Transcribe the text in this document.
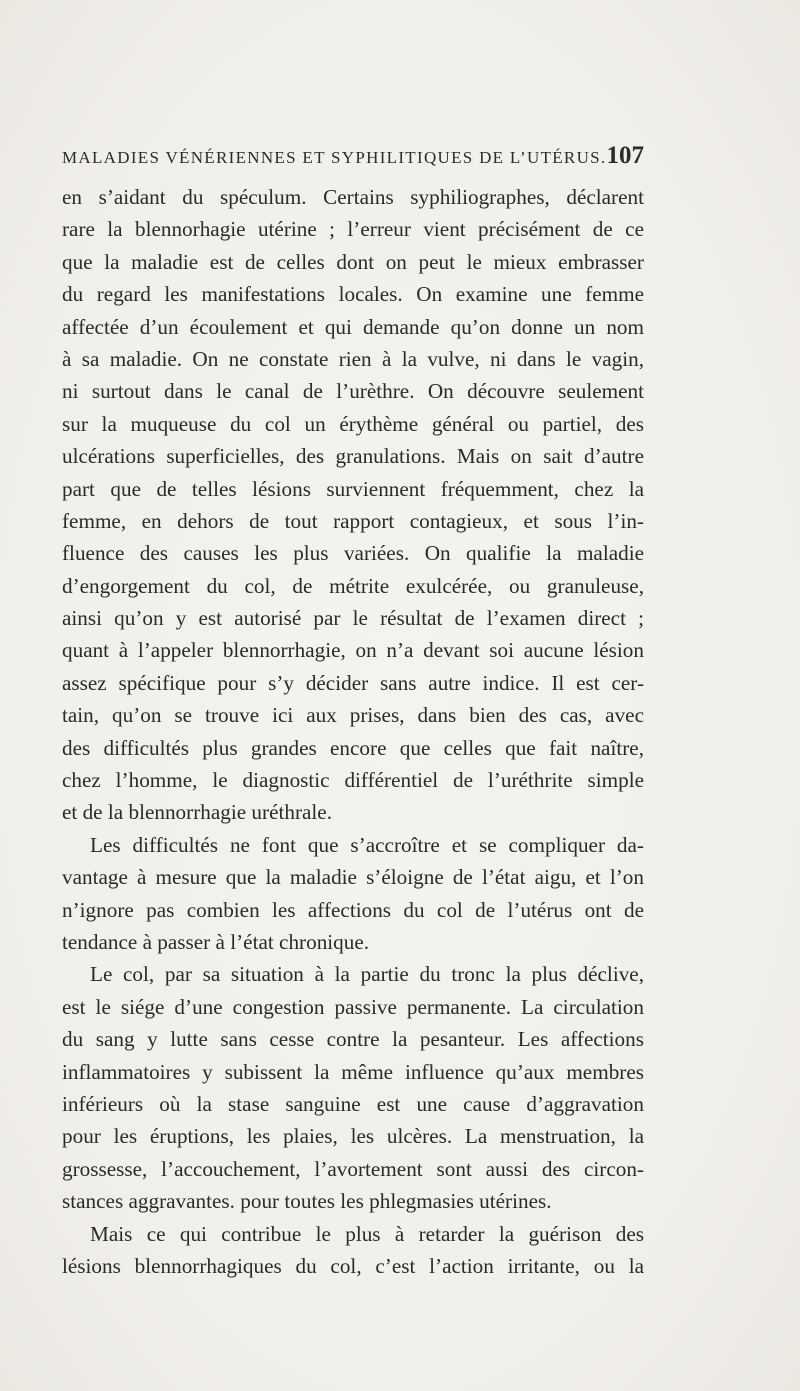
MALADIES VÉNÉRIENNES ET SYPHILITIQUES DE L’UTÉRUS. 107
en s’aidant du spéculum. Certains syphiliographes, déclarent
rare la blennorhagie utérine ; l’erreur vient précisément de ce
que la maladie est de celles dont on peut le mieux embrasser
du regard les manifestations locales. On examine une femme
affectée d’un écoulement et qui demande qu’on donne un nom
à sa maladie. On ne constate rien à la vulve, ni dans le vagin,
ni surtout dans le canal de l’urèthre. On découvre seulement
sur la muqueuse du col un érythème général ou partiel, des
ulcérations superficielles, des granulations. Mais on sait d’autre
part que de telles lésions surviennent fréquemment, chez la
femme, en dehors de tout rapport contagieux, et sous l’in-
fluence des causes les plus variées. On qualifie la maladie
d’engorgement du col, de métrite exulcérée, ou granuleuse,
ainsi qu’on y est autorisé par le résultat de l’examen direct ;
quant à l’appeler blennorrhagie, on n’a devant soi aucune lésion
assez spécifique pour s’y décider sans autre indice. Il est cer-
tain, qu’on se trouve ici aux prises, dans bien des cas, avec
des difficultés plus grandes encore que celles que fait naître,
chez l’homme, le diagnostic différentiel de l’uréthrite simple
et de la blennorrhagie uréthrale.
Les difficultés ne font que s’accroître et se compliquer da-
vantage à mesure que la maladie s’éloigne de l’état aigu, et l’on
n’ignore pas combien les affections du col de l’utérus ont de
tendance à passer à l’état chronique.
Le col, par sa situation à la partie du tronc la plus déclive,
est le siége d’une congestion passive permanente. La circulation
du sang y lutte sans cesse contre la pesanteur. Les affections
inflammatoires y subissent la même influence qu’aux membres
inférieurs où la stase sanguine est une cause d’aggravation
pour les éruptions, les plaies, les ulcères. La menstruation, la
grossesse, l’accouchement, l’avortement sont aussi des circon-
stances aggravantes. pour toutes les phlegmasies utérines.
Mais ce qui contribue le plus à retarder la guérison des
lésions blennorrhagiques du col, c’est l’action irritante, ou la
